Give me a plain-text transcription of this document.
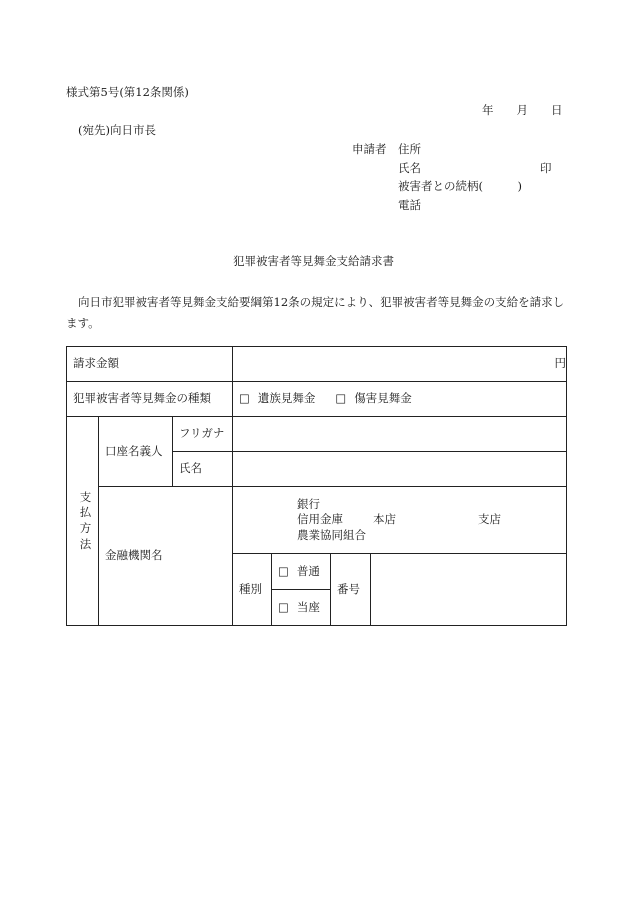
様式第5号(第12条関係)
年　　月　　日
(宛先)向日市長
申請者 住所
氏名	印
被害者との続柄(　　　)
電話
犯罪被害者等見舞金支給請求書
向日市犯罪被害者等見舞金支給要綱第12条の規定により、犯罪被害者等見舞金の支給を請求します。
請求金額			円			
犯罪被害者等見舞金の種類			□ 遺族見舞金 □ 傷害見舞金			

支
払
方
法	口座名義人	フリガナ				
		氏名				
	金融機関名		銀行
信用金庫 本店 支店
農業協同組合			

			種別	□ 普通	番号	
				□ 当座		
